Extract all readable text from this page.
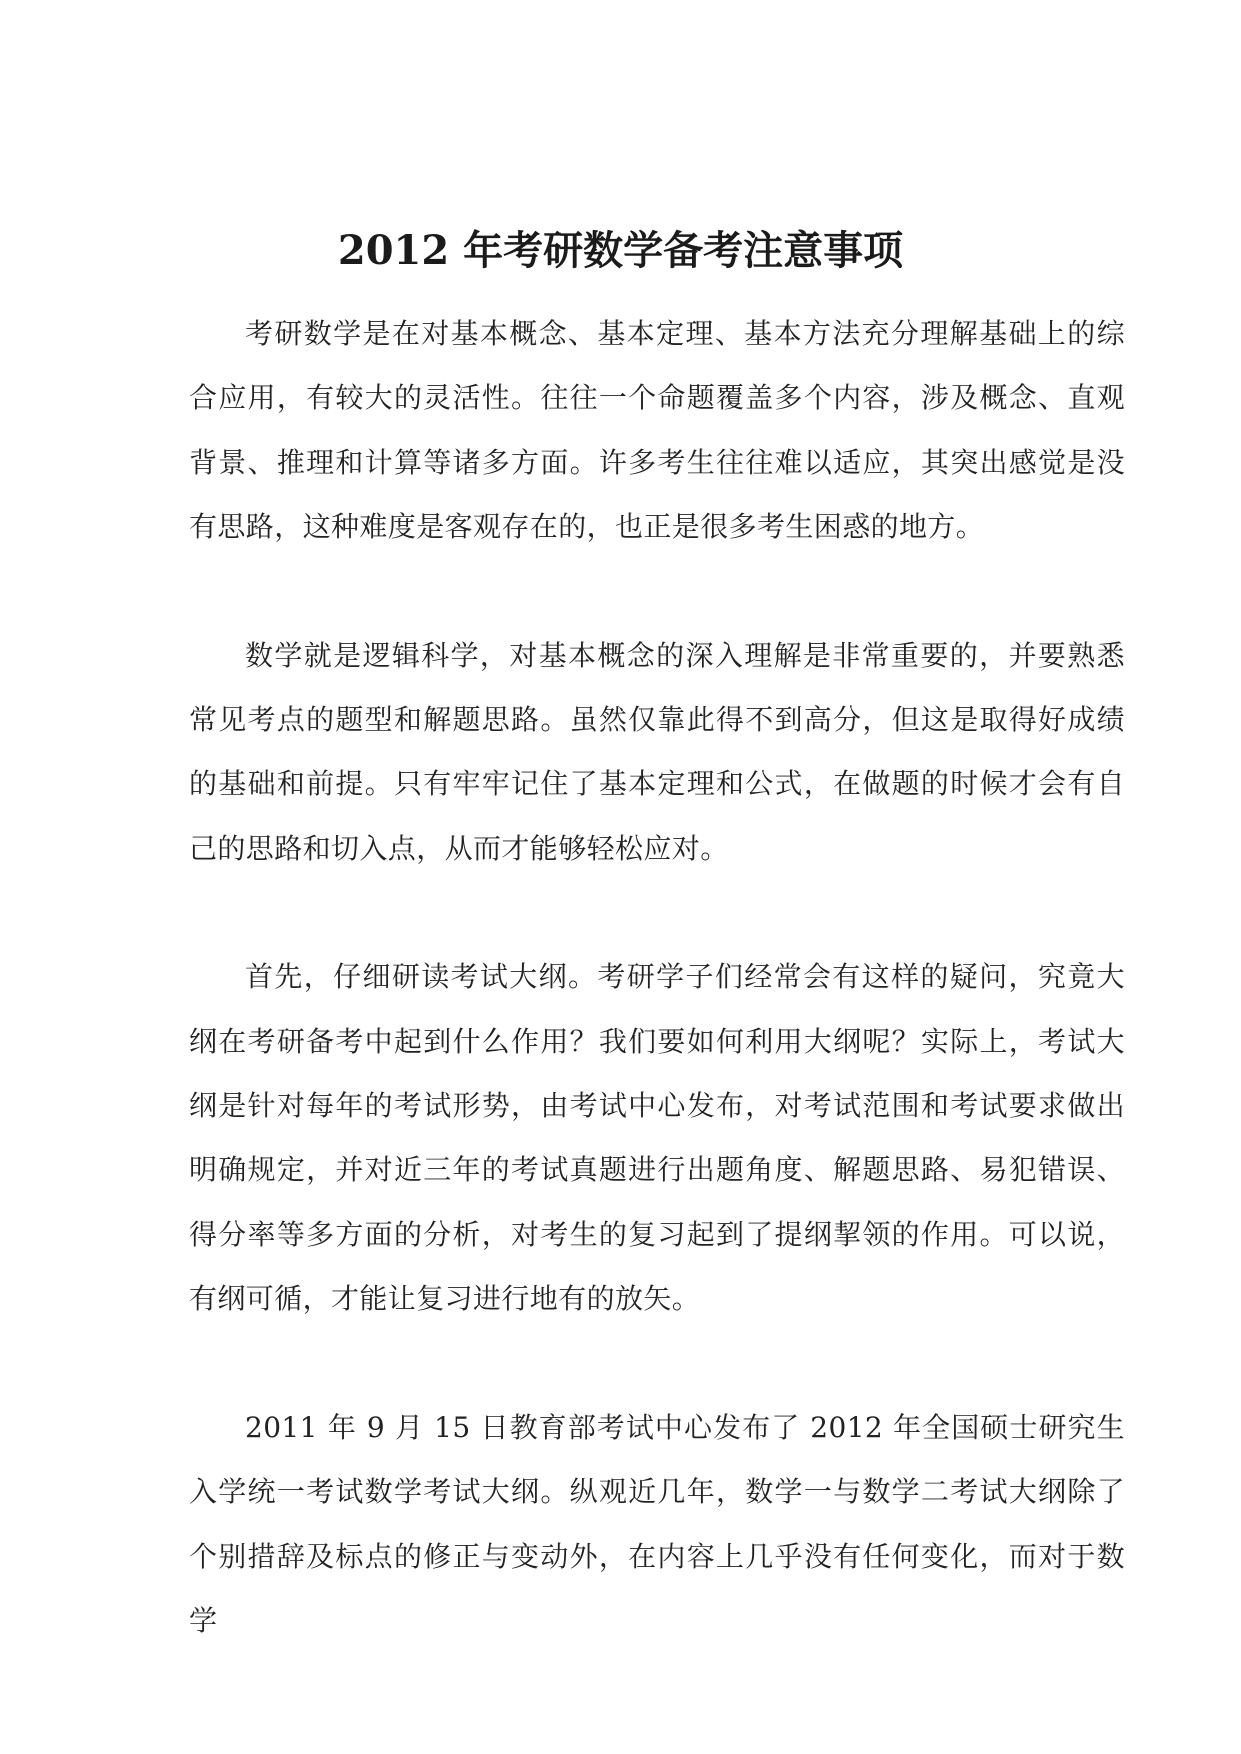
2012 年考研数学备考注意事项

考研数学是在对基本概念、基本定理、基本方法充分理解基础上的综合应用，有较大的灵活性。往往一个命题覆盖多个内容，涉及概念、直观背景、推理和计算等诸多方面。许多考生往往难以适应，其突出感觉是没有思路，这种难度是客观存在的，也正是很多考生困惑的地方。

数学就是逻辑科学，对基本概念的深入理解是非常重要的，并要熟悉常见考点的题型和解题思路。虽然仅靠此得不到高分，但这是取得好成绩的基础和前提。只有牢牢记住了基本定理和公式，在做题的时候才会有自己的思路和切入点，从而才能够轻松应对。

首先，仔细研读考试大纲。考研学子们经常会有这样的疑问，究竟大纲在考研备考中起到什么作用？我们要如何利用大纲呢？实际上，考试大纲是针对每年的考试形势，由考试中心发布，对考试范围和考试要求做出明确规定，并对近三年的考试真题进行出题角度、解题思路、易犯错误、得分率等多方面的分析，对考生的复习起到了提纲挈领的作用。可以说，有纲可循，才能让复习进行地有的放矢。

2011 年 9 月 15 日教育部考试中心发布了 2012 年全国硕士研究生入学统一考试数学考试大纲。纵观近几年，数学一与数学二考试大纲除了个别措辞及标点的修正与变动外，在内容上几乎没有任何变化，而对于数学
